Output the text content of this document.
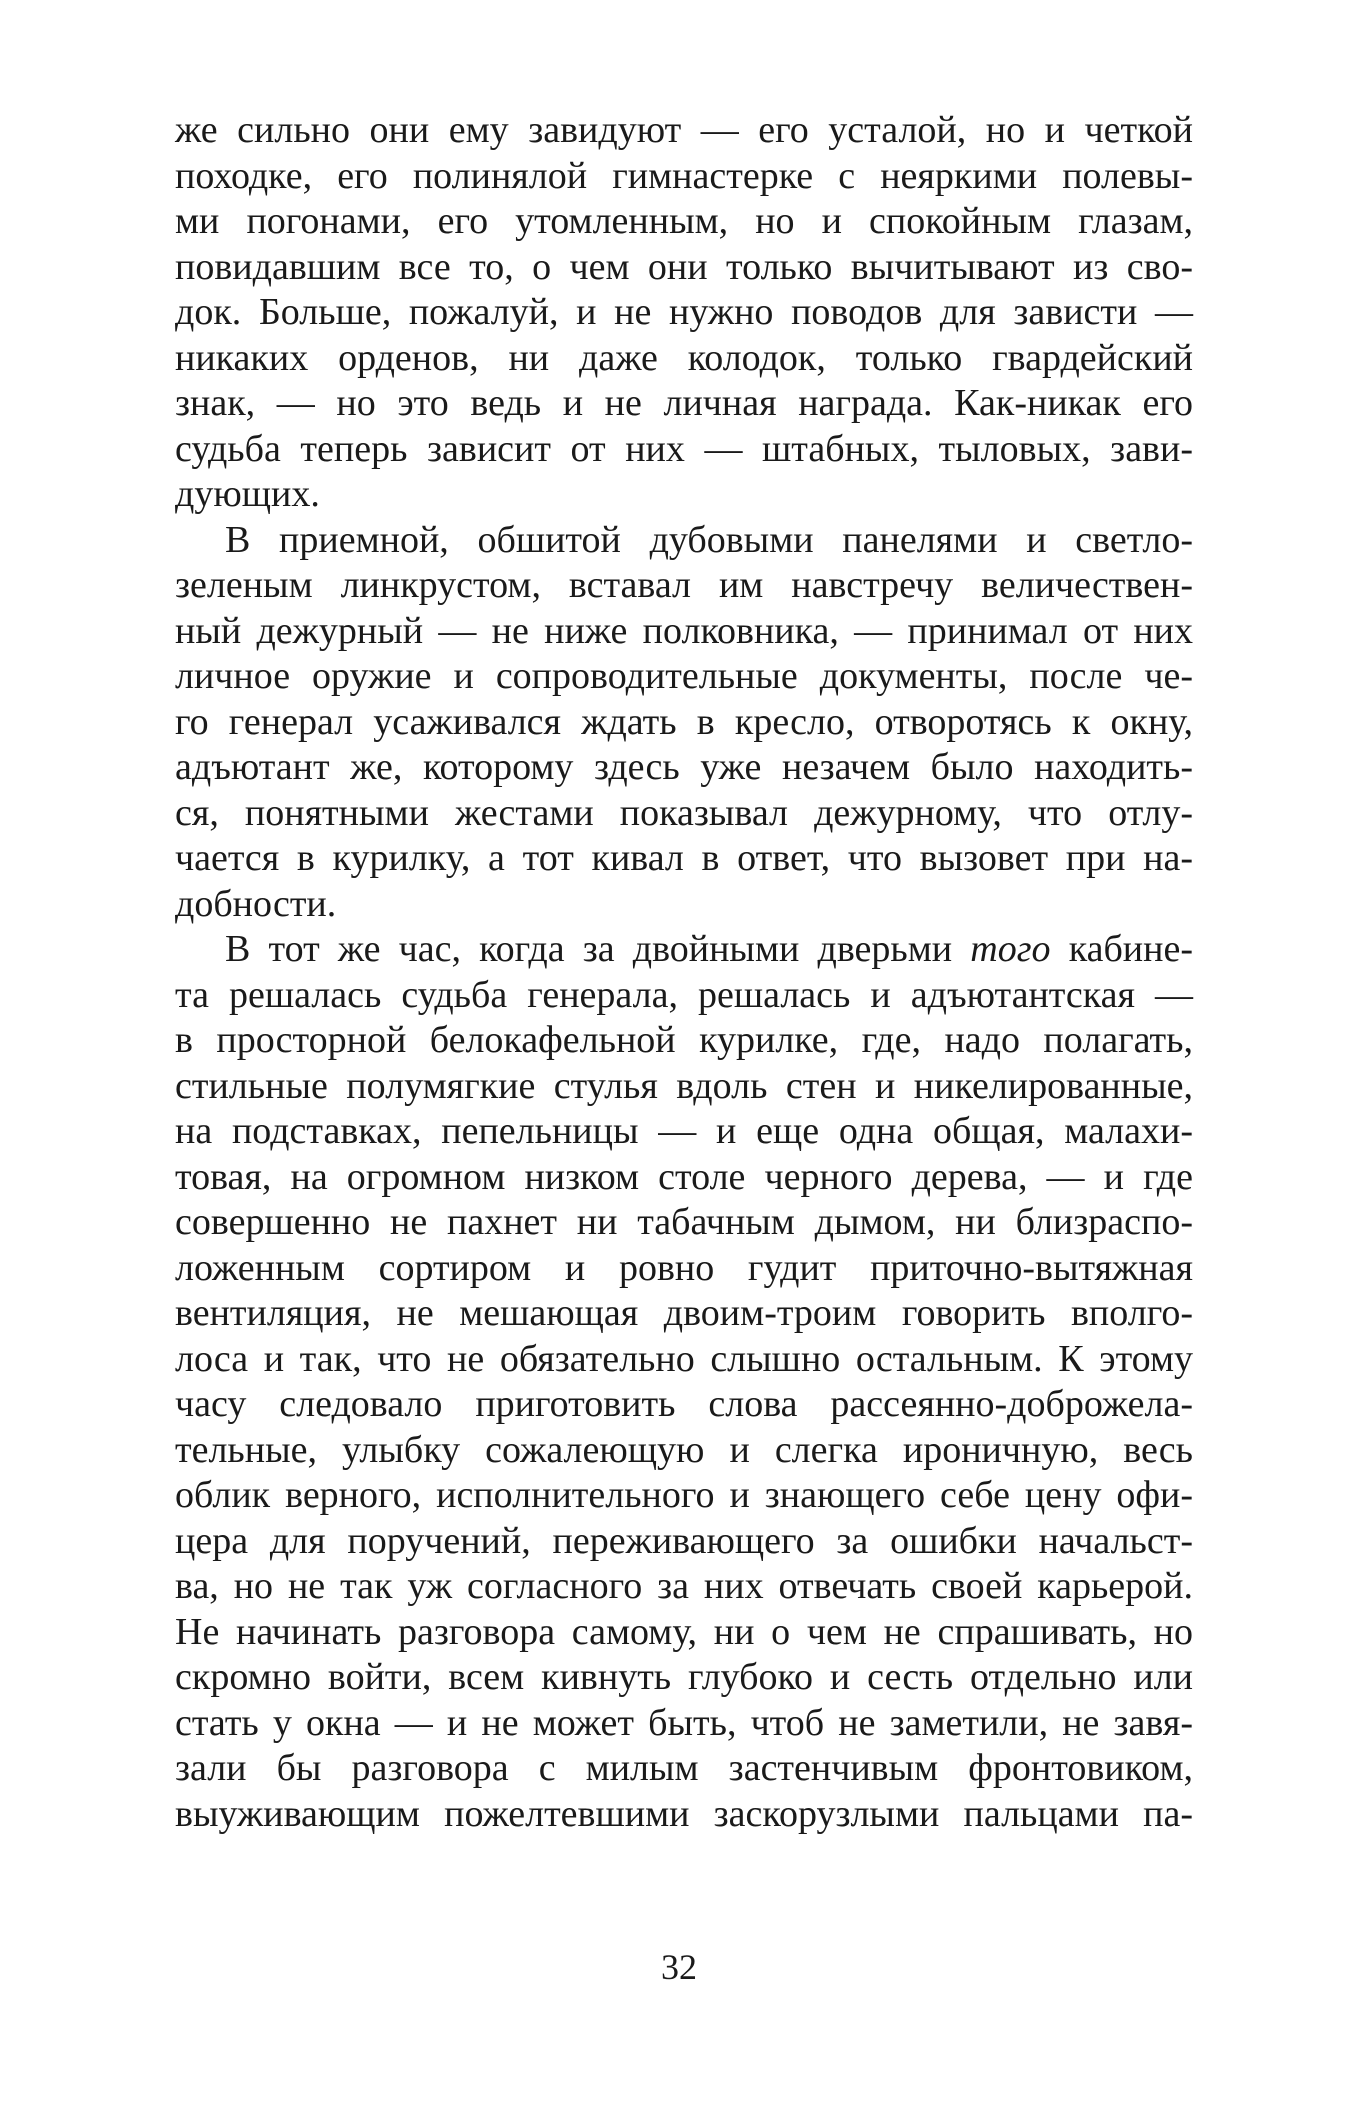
же сильно они ему завидуют — его усталой, но и четкой
походке, его полинялой гимнастерке с неяркими полевы-
ми погонами, его утомленным, но и спокойным глазам,
повидавшим все то, о чем они только вычитывают из сво-
док. Больше, пожалуй, и не нужно поводов для зависти —
никаких орденов, ни даже колодок, только гвардейский
знак, — но это ведь и не личная награда. Как-никак его
судьба теперь зависит от них — штабных, тыловых, зави-
дующих.
В приемной, обшитой дубовыми панелями и светло-
зеленым линкрустом, вставал им навстречу величествен-
ный дежурный — не ниже полковника, — принимал от них
личное оружие и сопроводительные документы, после че-
го генерал усаживался ждать в кресло, отворотясь к окну,
адъютант же, которому здесь уже незачем было находить-
ся, понятными жестами показывал дежурному, что отлу-
чается в курилку, а тот кивал в ответ, что вызовет при на-
добности.
В тот же час, когда за двойными дверьми того кабине-
та решалась судьба генерала, решалась и адъютантская —
в просторной белокафельной курилке, где, надо полагать,
стильные полумягкие стулья вдоль стен и никелированные,
на подставках, пепельницы — и еще одна общая, малахи-
товая, на огромном низком столе черного дерева, — и где
совершенно не пахнет ни табачным дымом, ни близраспо-
ложенным сортиром и ровно гудит приточно-вытяжная
вентиляция, не мешающая двоим-троим говорить вполго-
лоса и так, что не обязательно слышно остальным. К этому
часу следовало приготовить слова рассеянно-доброжела-
тельные, улыбку сожалеющую и слегка ироничную, весь
облик верного, исполнительного и знающего себе цену офи-
цера для поручений, переживающего за ошибки начальст-
ва, но не так уж согласного за них отвечать своей карьерой.
Не начинать разговора самому, ни о чем не спрашивать, но
скромно войти, всем кивнуть глубоко и сесть отдельно или
стать у окна — и не может быть, чтоб не заметили, не завя-
зали бы разговора с милым застенчивым фронтовиком,
выуживающим пожелтевшими заскорузлыми пальцами па-
32
